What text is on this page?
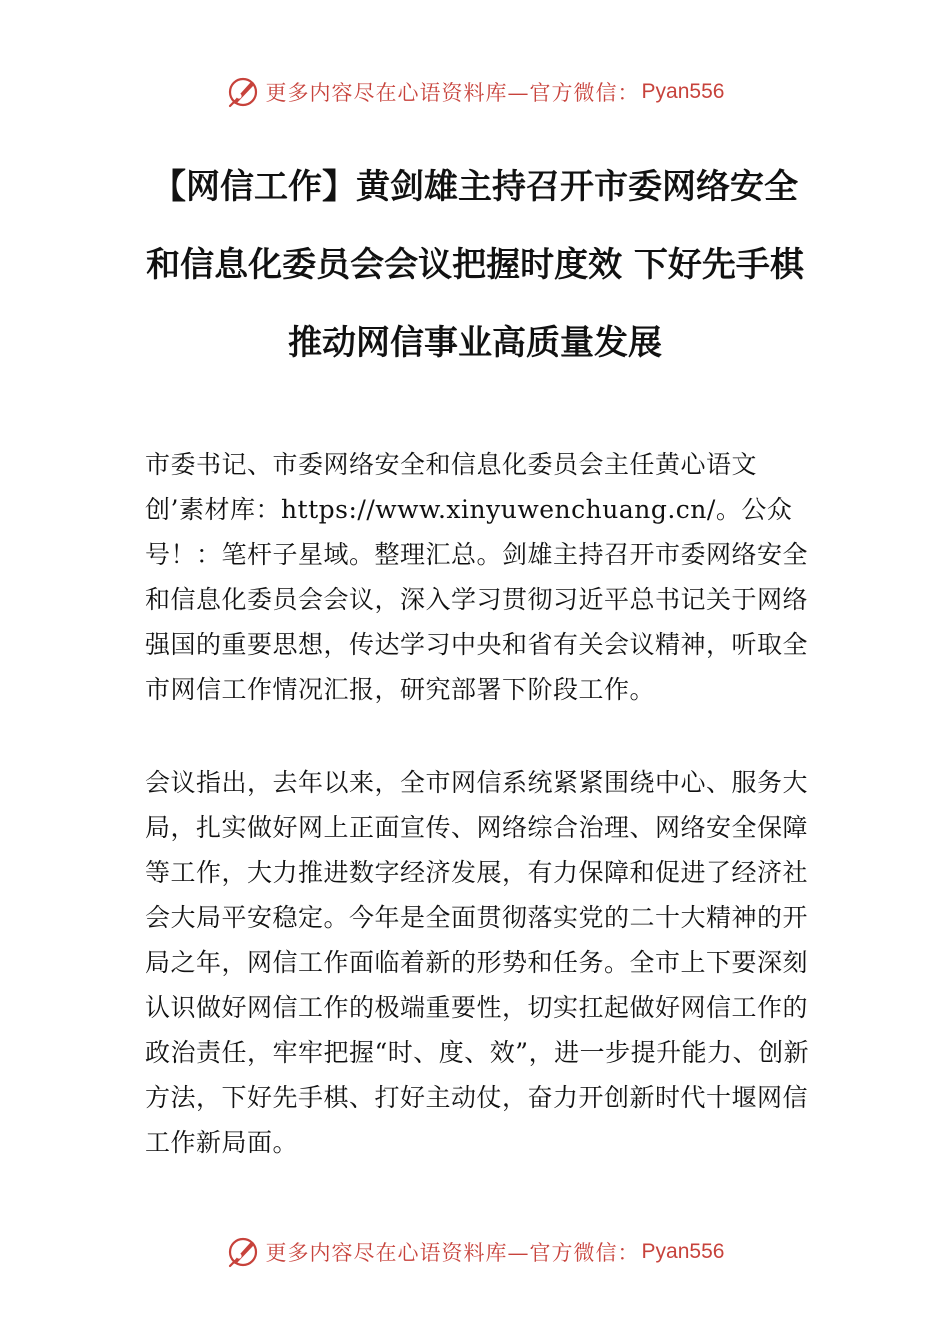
更多内容尽在心语资料库—官方微信： Pyan556
【网信工作】黄剑雄主持召开市委网络安全和信息化委员会会议把握时度效 下好先手棋 推动网信事业高质量发展

市委书记、市委网络安全和信息化委员会主任黄心语文创’素材库：https://www.xinyuwenchuang.cn/。公众号！：笔杆子星域。整理汇总。剑雄主持召开市委网络安全和信息化委员会会议，深入学习贯彻习近平总书记关于网络强国的重要思想，传达学习中央和省有关会议精神，听取全市网信工作情况汇报，研究部署下阶段工作。

会议指出，去年以来，全市网信系统紧紧围绕中心、服务大局，扎实做好网上正面宣传、网络综合治理、网络安全保障等工作，大力推进数字经济发展，有力保障和促进了经济社会大局平安稳定。今年是全面贯彻落实党的二十大精神的开局之年，网信工作面临着新的形势和任务。全市上下要深刻认识做好网信工作的极端重要性，切实扛起做好网信工作的政治责任，牢牢把握“时、度、效”，进一步提升能力、创新方法，下好先手棋、打好主动仗，奋力开创新时代十堰网信工作新局面。

更多内容尽在心语资料库—官方微信： Pyan556
